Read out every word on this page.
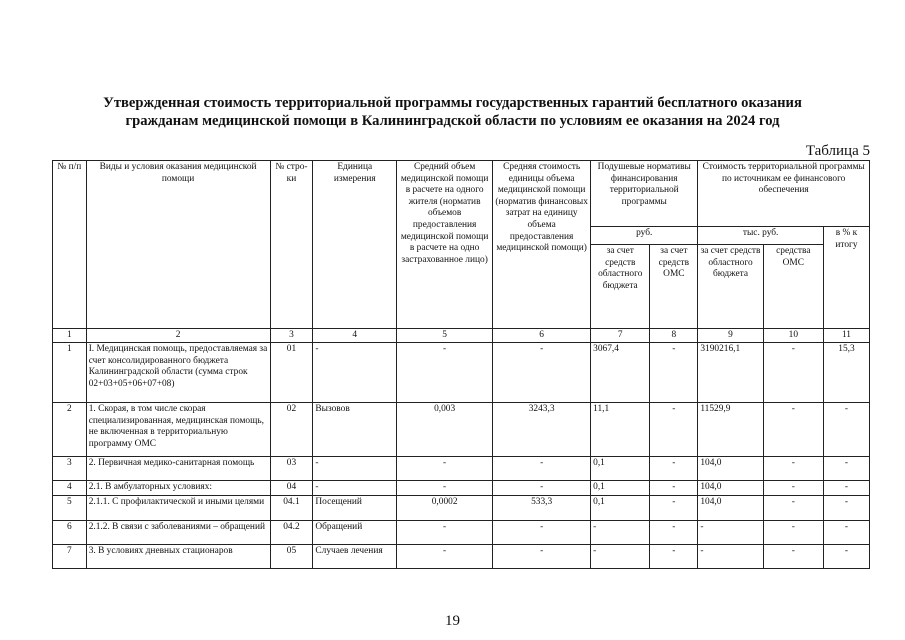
Утвержденная стоимость территориальной программы государственных гарантий бесплатного оказания
гражданам медицинской помощи в Калининградской области по условиям ее оказания на 2024 год
Таблица 5
№ п/п	Виды и условия оказания медицинской помощи	№ стро- ки	Единица измерения	Средний объем медицинской помощи в расчете на одного жителя (норматив объемов предоставления медицинской помощи в расчете на одно застрахованное лицо)	Средняя стоимость единицы объема медицинской помощи (норматив финансовых затрат на единицу объема предоставления медицинской помощи)	Подушевые нормативы финансирования территориальной программы		Стоимость территориальной программы по источникам ее финансового обеспечения		
						руб.		тыс. руб.		в % к итогу
						за счет средств областного бюджета	за счет средств ОМС	за счет средств областного бюджета	средства ОМС	
1	2	3	4	5	6	7	8	9	10	11
1	I. Медицинская помощь, предоставляемая за счет консолидированного бюджета Калининградской области (сумма строк 02+03+05+06+07+08)	01	-	-	-	3067,4	-	3190216,1	-	15,3
2	1. Скорая, в том числе скорая специализированная, медицинская помощь, не включенная в территориальную программу ОМС	02	Вызовов	0,003	3243,3	11,1	-	11529,9	-	-
3	2. Первичная медико-санитарная помощь	03	-	-	-	0,1	-	104,0	-	-
4	2.1. В амбулаторных условиях:	04	-	-	-	0,1	-	104,0	-	-
5	2.1.1. С профилактической и иными целями	04.1	Посещений	0,0002	533,3	0,1	-	104,0	-	-
6	2.1.2. В связи с заболеваниями – обращений	04.2	Обращений	-	-	-	-	-	-	-
7	3. В условиях дневных стационаров	05	Случаев лечения	-	-	-	-	-	-	-
19
